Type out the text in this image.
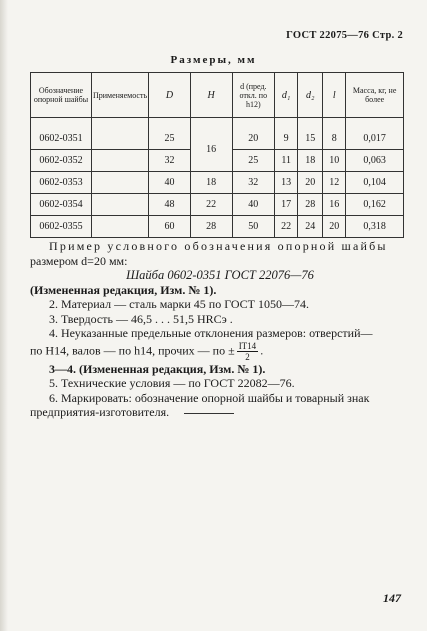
ГОСТ 22075—76 Стр. 2
Размеры, мм
Обозначение опорной шайбы	Применяемость	D	H	d (пред. откл. по h12)	d₁	d₂	l	Масса, кг, не более
0602-0351		25	16	20	9	15	8	0,017
0602-0352		32		25	11	18	10	0,063
0602-0353		40	18	32	13	20	12	0,104
0602-0354		48	22	40	17	28	16	0,162
0602-0355		60	28	50	22	24	20	0,318

Пример условного обозначения опорной шайбы

размером d=20 мм:

Шайба 0602-0351 ГОСТ 22076—76

(Измененная редакция, Изм. № 1).

2. Материал — сталь марки 45 по ГОСТ 1050—74.

3. Твердость — 46,5 . . . 51,5 HRCэ .

4. Неуказанные предельные отклонения размеров: отверстий—

по H14, валов — по h14, прочих — по ± $\frac{IT14}{2}$ .

3—4. (Измененная редакция, Изм. № 1).

5. Технические условия — по ГОСТ 22082—76.

6. Маркировать: обозначение опорной шайбы и товарный знак

предприятия-изготовителя.

147
